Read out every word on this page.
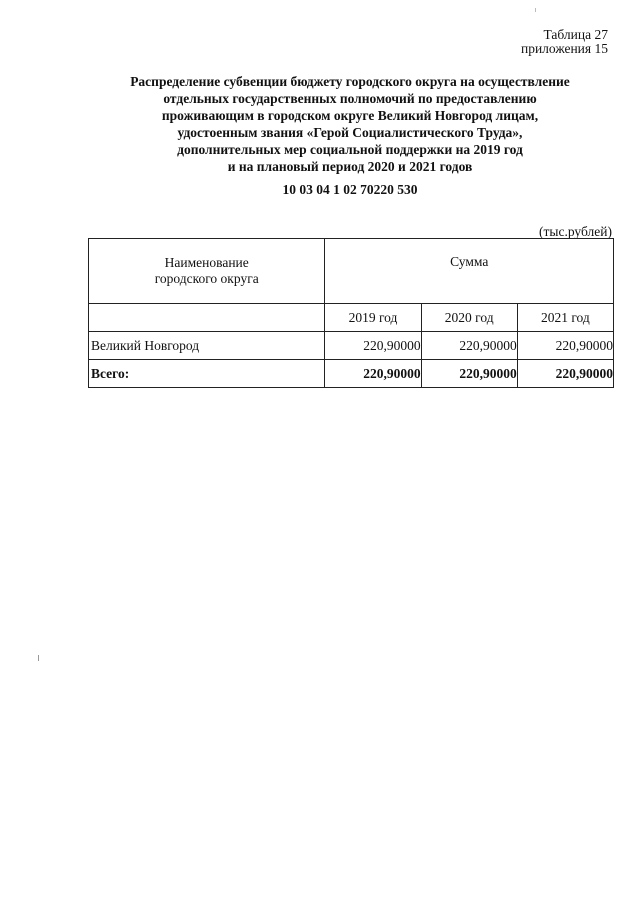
Таблица 27
приложения 15
Распределение субвенции бюджету городского округа на осуществление
отдельных государственных полномочий по предоставлению
проживающим в городском округе Великий Новгород лицам,
удостоенным звания «Герой Социалистического Труда»,
дополнительных мер социальной поддержки на 2019 год
и на плановый период 2020 и 2021 годов
10 03 04 1 02 70220 530
(тыс.рублей)
Наименование
городского округа	Сумма		
	2019 год	2020 год	2021 год
Великий Новгород	220,90000	220,90000	220,90000
Всего:	220,90000	220,90000	220,90000
